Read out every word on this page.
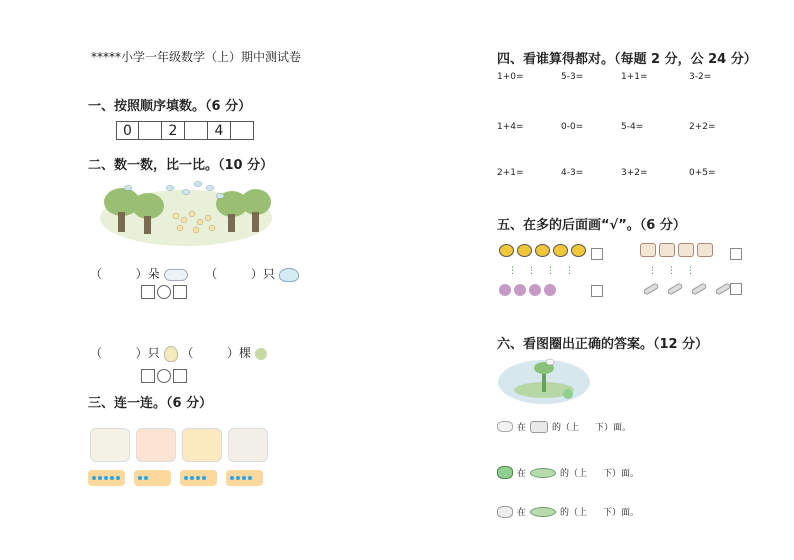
*****小学一年级数学（上）期中测试卷
一、按照顺序填数。（6 分）
0	2	4
二、数一数，比一比。（10 分）
（	）朵	（	）只
（	）只 （	）棵
三、连一连。（6 分）
四、看谁算得都对。（每题 2 分，公 24 分）
1+0=	5-3=	1+1=	3-2=
1+4=	0-0=	5-4=	2+2=
2+1=	4-3=	3+2=	0+5=
五、在多的后面画“√”。（6 分）
⋮⋮⋮⋮	⋮⋮⋮
六、看图圈出正确的答案。（12 分）
在	的（上 下）面。
在	的（上 下）面。
在	的（上 下）面。
